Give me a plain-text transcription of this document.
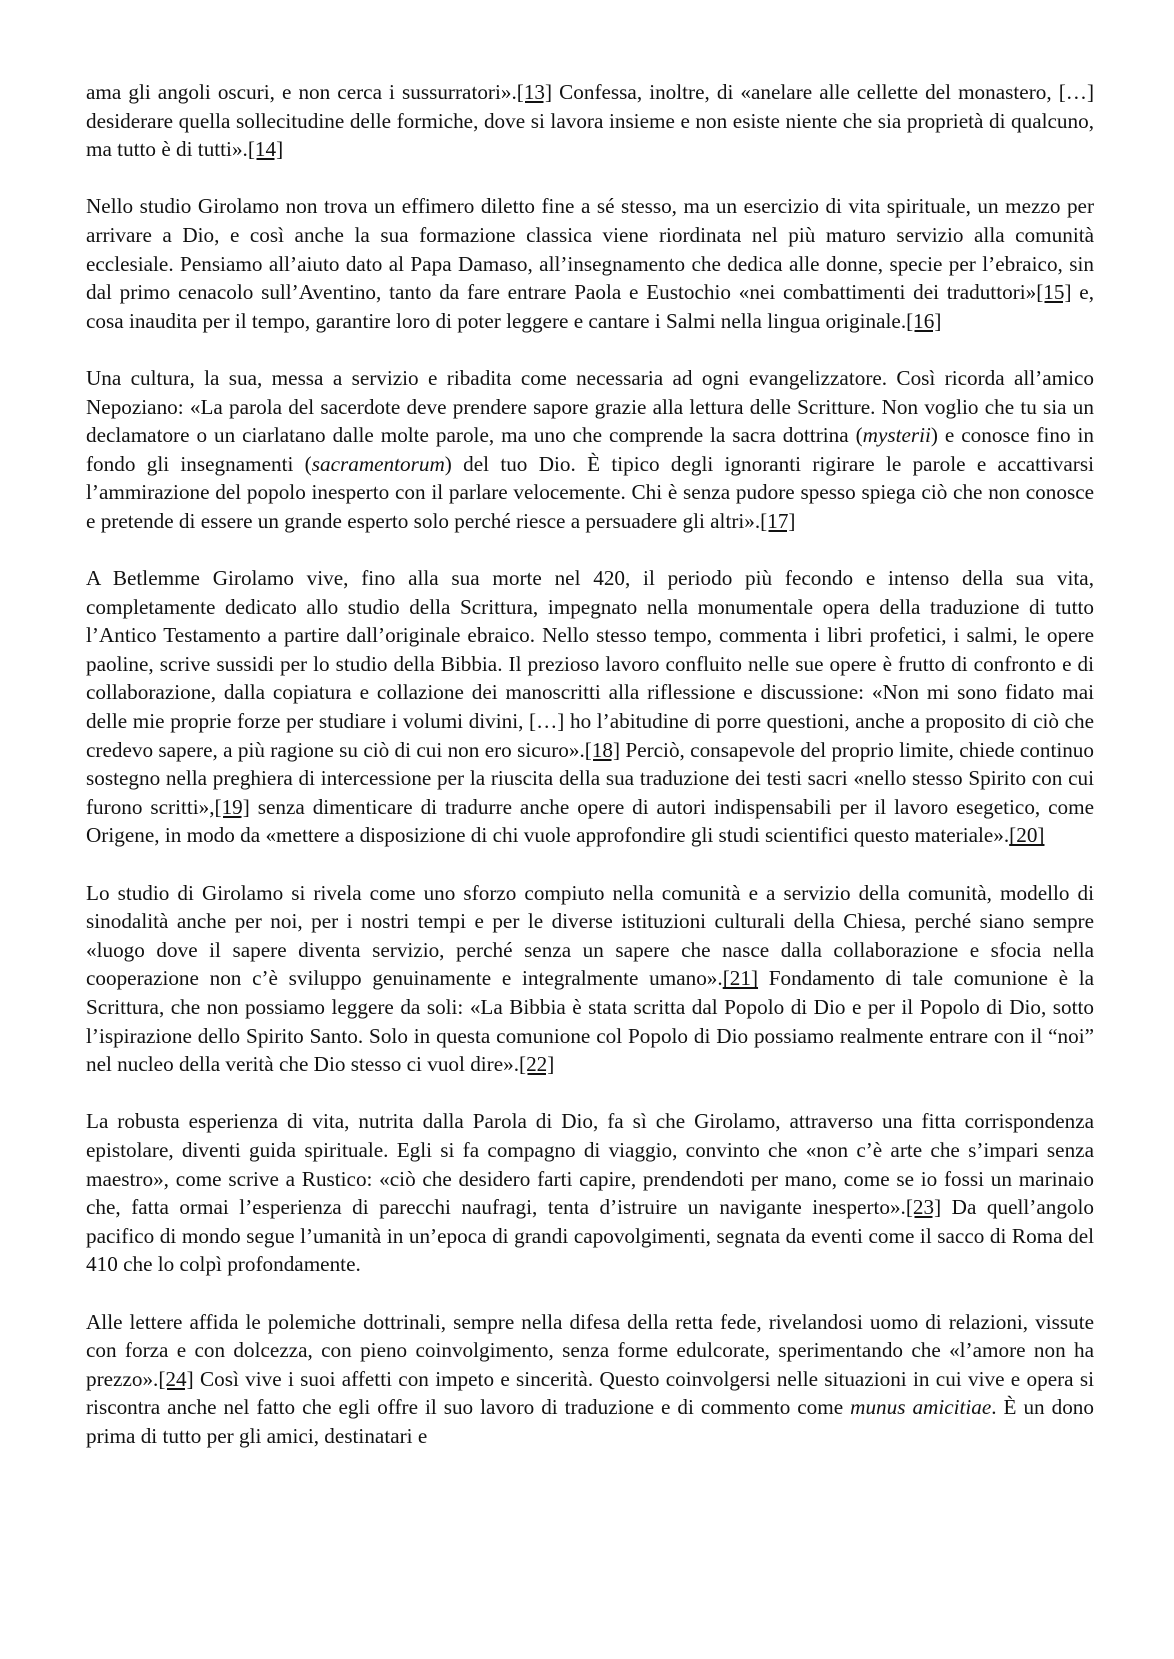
ama gli angoli oscuri, e non cerca i sussurratori».[13] Confessa, inoltre, di «anelare alle cellette del monastero, […] desiderare quella sollecitudine delle formiche, dove si lavora insieme e non esiste niente che sia proprietà di qualcuno, ma tutto è di tutti».[14]

Nello studio Girolamo non trova un effimero diletto fine a sé stesso, ma un esercizio di vita spirituale, un mezzo per arrivare a Dio, e così anche la sua formazione classica viene riordinata nel più maturo servizio alla comunità ecclesiale. Pensiamo all’aiuto dato al Papa Damaso, all’insegnamento che dedica alle donne, specie per l’ebraico, sin dal primo cenacolo sull’Aventino, tanto da fare entrare Paola e Eustochio «nei combattimenti dei traduttori»[15] e, cosa inaudita per il tempo, garantire loro di poter leggere e cantare i Salmi nella lingua originale.[16]

Una cultura, la sua, messa a servizio e ribadita come necessaria ad ogni evangelizzatore. Così ricorda all’amico Nepoziano: «La parola del sacerdote deve prendere sapore grazie alla lettura delle Scritture. Non voglio che tu sia un declamatore o un ciarlatano dalle molte parole, ma uno che comprende la sacra dottrina (mysterii) e conosce fino in fondo gli insegnamenti (sacramentorum) del tuo Dio. È tipico degli ignoranti rigirare le parole e accattivarsi l’ammirazione del popolo inesperto con il parlare velocemente. Chi è senza pudore spesso spiega ciò che non conosce e pretende di essere un grande esperto solo perché riesce a persuadere gli altri».[17]

A Betlemme Girolamo vive, fino alla sua morte nel 420, il periodo più fecondo e intenso della sua vita, completamente dedicato allo studio della Scrittura, impegnato nella monumentale opera della traduzione di tutto l’Antico Testamento a partire dall’originale ebraico. Nello stesso tempo, commenta i libri profetici, i salmi, le opere paoline, scrive sussidi per lo studio della Bibbia. Il prezioso lavoro confluito nelle sue opere è frutto di confronto e di collaborazione, dalla copiatura e collazione dei manoscritti alla riflessione e discussione: «Non mi sono fidato mai delle mie proprie forze per studiare i volumi divini, […] ho l’abitudine di porre questioni, anche a proposito di ciò che credevo sapere, a più ragione su ciò di cui non ero sicuro».[18] Perciò, consapevole del proprio limite, chiede continuo sostegno nella preghiera di intercessione per la riuscita della sua traduzione dei testi sacri «nello stesso Spirito con cui furono scritti»,[19] senza dimenticare di tradurre anche opere di autori indispensabili per il lavoro esegetico, come Origene, in modo da «mettere a disposizione di chi vuole approfondire gli studi scientifici questo materiale».[20]

Lo studio di Girolamo si rivela come uno sforzo compiuto nella comunità e a servizio della comunità, modello di sinodalità anche per noi, per i nostri tempi e per le diverse istituzioni culturali della Chiesa, perché siano sempre «luogo dove il sapere diventa servizio, perché senza un sapere che nasce dalla collaborazione e sfocia nella cooperazione non c’è sviluppo genuinamente e integralmente umano».[21] Fondamento di tale comunione è la Scrittura, che non possiamo leggere da soli: «La Bibbia è stata scritta dal Popolo di Dio e per il Popolo di Dio, sotto l’ispirazione dello Spirito Santo. Solo in questa comunione col Popolo di Dio possiamo realmente entrare con il “noi” nel nucleo della verità che Dio stesso ci vuol dire».[22]

La robusta esperienza di vita, nutrita dalla Parola di Dio, fa sì che Girolamo, attraverso una fitta corrispondenza epistolare, diventi guida spirituale. Egli si fa compagno di viaggio, convinto che «non c’è arte che s’impari senza maestro», come scrive a Rustico: «ciò che desidero farti capire, prendendoti per mano, come se io fossi un marinaio che, fatta ormai l’esperienza di parecchi naufragi, tenta d’istruire un navigante inesperto».[23] Da quell’angolo pacifico di mondo segue l’umanità in un’epoca di grandi capovolgimenti, segnata da eventi come il sacco di Roma del 410 che lo colpì profondamente.

Alle lettere affida le polemiche dottrinali, sempre nella difesa della retta fede, rivelandosi uomo di relazioni, vissute con forza e con dolcezza, con pieno coinvolgimento, senza forme edulcorate, sperimentando che «l’amore non ha prezzo».[24] Così vive i suoi affetti con impeto e sincerità. Questo coinvolgersi nelle situazioni in cui vive e opera si riscontra anche nel fatto che egli offre il suo lavoro di traduzione e di commento come munus amicitiae. È un dono prima di tutto per gli amici, destinatari e
